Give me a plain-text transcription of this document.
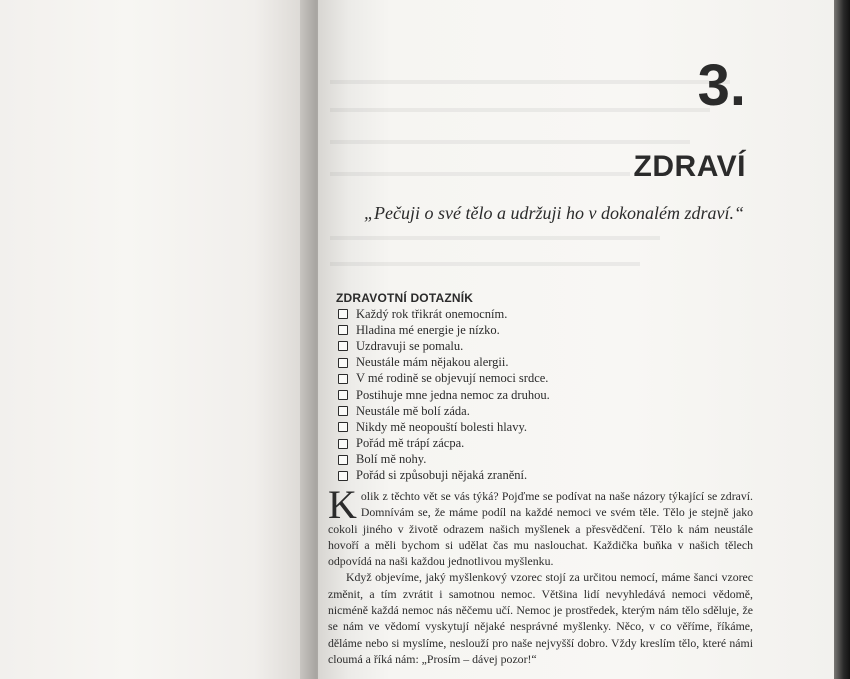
3.
ZDRAVÍ

„Pečuji o své tělo a udržuji ho v dokonalém zdraví.“

ZDRAVOTNÍ DOTAZNÍK
Každý rok třikrát onemocním.
Hladina mé energie je nízko.
Uzdravuji se pomalu.
Neustále mám nějakou alergii.
V mé rodině se objevují nemoci srdce.
Postihuje mne jedna nemoc za druhou.
Neustále mě bolí záda.
Nikdy mě neopouští bolesti hlavy.
Pořád mě trápí zácpa.
Bolí mě nohy.
Pořád si způsobuji nějaká zranění.

Kolik z těchto vět se vás týká? Pojďme se podívat na naše názory týkající se zdraví. Domnívám se, že máme podíl na každé nemoci ve svém těle. Tělo je stejně jako cokoli jiného v životě odrazem našich myšlenek a přesvědčení. Tělo k nám neustále hovoří a měli bychom si udělat čas mu naslouchat. Každička buňka v našich tělech odpovídá na naši každou jednotlivou myšlenku.

Když objevíme, jaký myšlenkový vzorec stojí za určitou nemocí, máme šanci vzorec změnit, a tím zvrátit i samotnou nemoc. Většina lidí nevyhledává nemoci vědomě, nicméně každá nemoc nás něčemu učí. Nemoc je prostředek, kterým nám tělo sděluje, že se nám ve vědomí vyskytují nějaké nesprávné myšlenky. Něco, v co věříme, říkáme, děláme nebo si myslíme, neslouží pro naše nejvyšší dobro. Vždy kreslím tělo, které námi cloumá a říká nám: „Prosím – dávej pozor!“
